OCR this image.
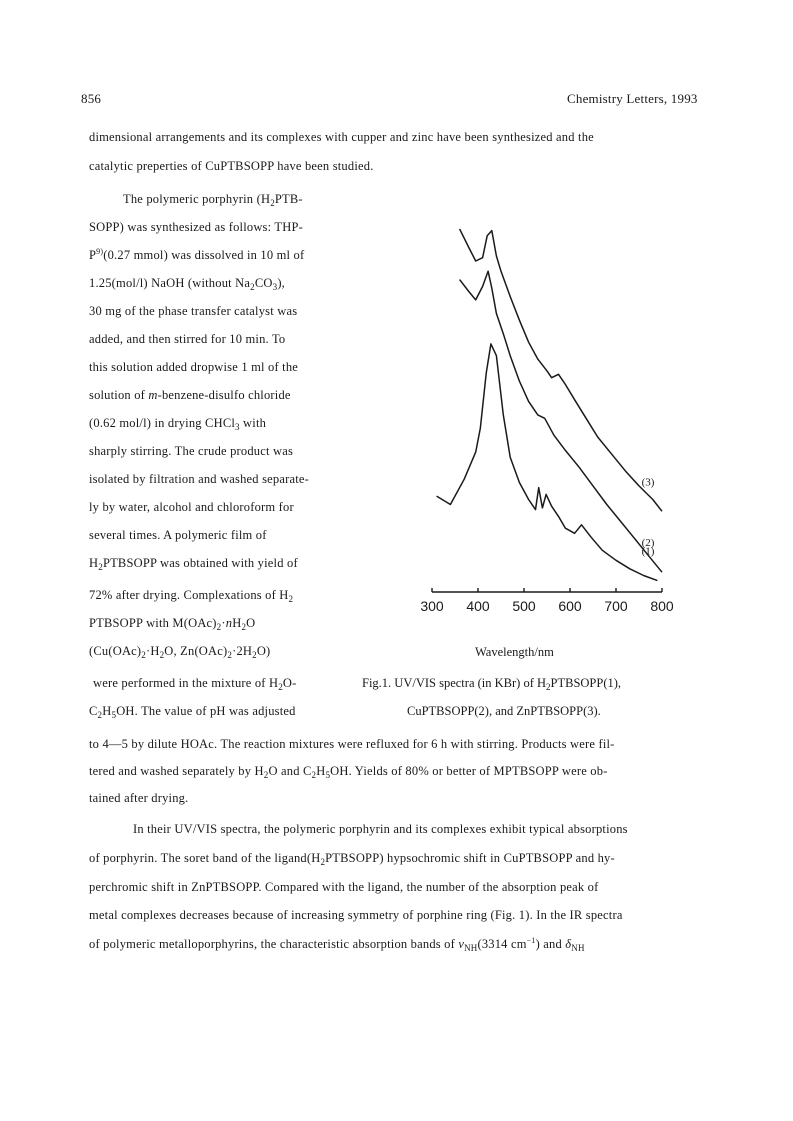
856	Chemistry Letters, 1993
dimensional arrangements and its complexes with cupper and zinc have been synthesized and the
catalytic preperties of CuPTBSOPP have been studied.
The polymeric porphyrin ($H_2PTB-$
SOPP) was synthesized as follows: THP-
$P^{9)}(0.27$ mmol) was dissolved in 10 ml of
1.25(mol/l) NaOH (without $Na_2CO_3$),
30 mg of the phase transfer catalyst was
added, and then stirred for 10 min. To
this solution added dropwise 1 ml of the
solution of m-benzene-disulfo chloride
(0.62 mol/l) in drying CHCl$_3$ with
sharply stirring. The crude product was
isolated by filtration and washed separate-
ly by water, alcohol and chloroform for
several times. A polymeric film of
$H_2PTBSOPP$ was obtained with yield of
72% after drying. Complexations of $H_2$
PTBSOPP with $M(OAc)_2\cdot nH_2O$
($Cu(OAc)_2\cdot H_2O$, $Zn(OAc)_2\cdot 2H_2O$)
were performed in the mixture of $H_2O-$
$C_2H_5OH$. The value of pH was adjusted
300 400 500 600 700 800
(1)
(2)
(3)
Wavelength/nm
Fig.1. UV/VIS spectra (in KBr) of $H_2PTBSOPP(1)$,
CuPTBSOPP(2), and ZnPTBSOPP(3).
to 4—5 by dilute HOAc. The reaction mixtures were refluxed for 6 h with stirring. Products were fil-
tered and washed separately by $H_2O$ and $C_2H_5OH$. Yields of 80% or better of MPTBSOPP were ob-
tained after drying.
In their UV/VIS spectra, the polymeric porphyrin and its complexes exhibit typical absorptions
of porphyrin. The soret band of the $ligand(H_2PTBSOPP)$ hypsochromic shift in CuPTBSOPP and hy-
perchromic shift in ZnPTBSOPP. Compared with the ligand, the number of the absorption peak of
metal complexes decreases because of increasing symmetry of porphine ring (Fig. 1). In the IR spectra
of polymeric metalloporphyrins, the characteristic absorption bands of $\nu_{NH}(3314$ $cm^{-1}$) and $\delta_{NH}$
